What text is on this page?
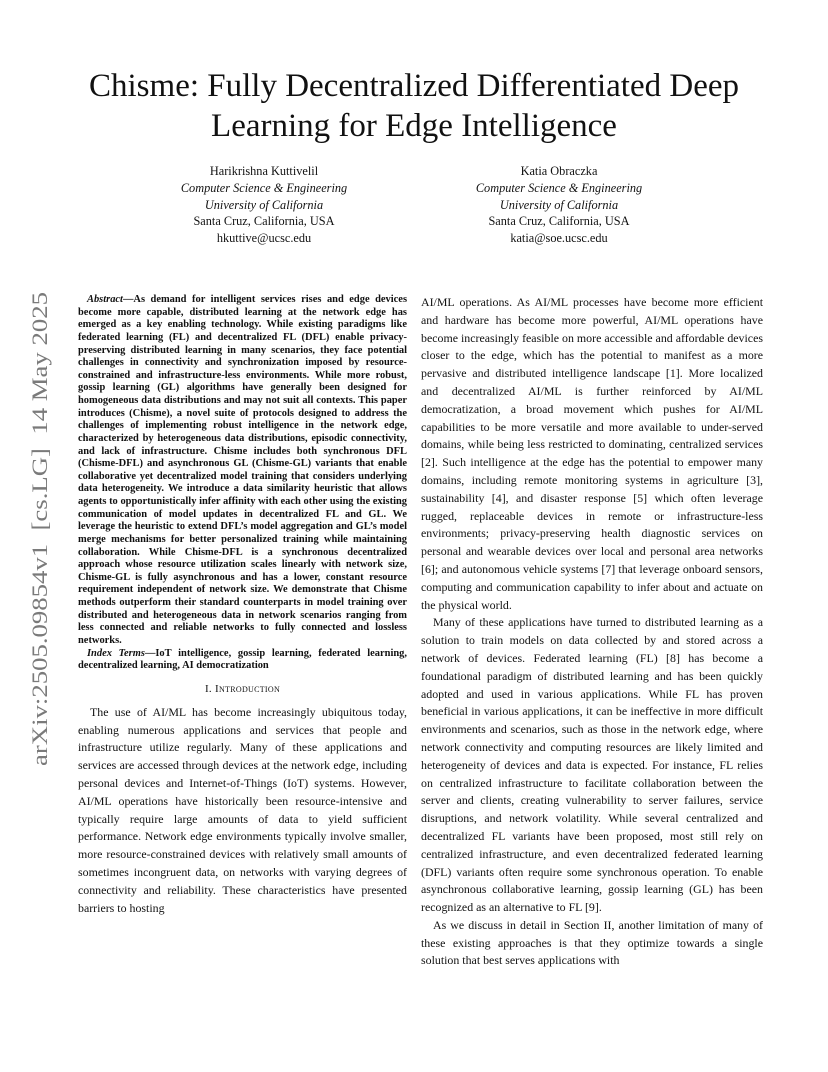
arXiv:2505.09854v1  [cs.LG]  14 May 2025
Chisme: Fully Decentralized Differentiated Deep Learning for Edge Intelligence
Harikrishna Kuttivelil
Computer Science & Engineering
University of California
Santa Cruz, California, USA
hkuttive@ucsc.edu
Katia Obraczka
Computer Science & Engineering
University of California
Santa Cruz, California, USA
katia@soe.ucsc.edu

Abstract—As demand for intelligent services rises and edge devices become more capable, distributed learning at the network edge has emerged as a key enabling technology. While existing paradigms like federated learning (FL) and decentralized FL (DFL) enable privacy-preserving distributed learning in many scenarios, they face potential challenges in connectivity and synchronization imposed by resource-constrained and infrastructure-less environments. While more robust, gossip learning (GL) algorithms have generally been designed for homogeneous data distributions and may not suit all contexts. This paper introduces (Chisme), a novel suite of protocols designed to address the challenges of implementing robust intelligence in the network edge, characterized by heterogeneous data distributions, episodic connectivity, and lack of infrastructure. Chisme includes both synchronous DFL (Chisme-DFL) and asynchronous GL (Chisme-GL) variants that enable collaborative yet decentralized model training that considers underlying data heterogeneity. We introduce a data similarity heuristic that allows agents to opportunistically infer affinity with each other using the existing communication of model updates in decentralized FL and GL. We leverage the heuristic to extend DFL’s model aggregation and GL’s model merge mechanisms for better personalized training while maintaining collaboration. While Chisme-DFL is a synchronous decentralized approach whose resource utilization scales linearly with network size, Chisme-GL is fully asynchronous and has a lower, constant resource requirement independent of network size. We demonstrate that Chisme methods outperform their standard counterparts in model training over distributed and heterogeneous data in network scenarios ranging from less connected and reliable networks to fully connected and lossless networks.

Index Terms—IoT intelligence, gossip learning, federated learning, decentralized learning, AI democratization

I. Introduction

The use of AI/ML has become increasingly ubiquitous today, enabling numerous applications and services that people and infrastructure utilize regularly. Many of these applications and services are accessed through devices at the network edge, including personal devices and Internet-of-Things (IoT) systems. However, AI/ML operations have historically been resource-intensive and typically require large amounts of data to yield sufficient performance. Network edge environments typically involve smaller, more resource-constrained devices with relatively small amounts of sometimes incongruent data, on networks with varying degrees of connectivity and reliability. These characteristics have presented barriers to hosting

AI/ML operations. As AI/ML processes have become more efficient and hardware has become more powerful, AI/ML operations have become increasingly feasible on more accessible and affordable devices closer to the edge, which has the potential to manifest as a more pervasive and distributed intelligence landscape [1]. More localized and decentralized AI/ML is further reinforced by AI/ML democratization, a broad movement which pushes for AI/ML capabilities to be more versatile and more available to under-served domains, while being less restricted to dominating, centralized services [2]. Such intelligence at the edge has the potential to empower many domains, including remote monitoring systems in agriculture [3], sustainability [4], and disaster response [5] which often leverage rugged, replaceable devices in remote or infrastructure-less environments; privacy-preserving health diagnostic services on personal and wearable devices over local and personal area networks [6]; and autonomous vehicle systems [7] that leverage onboard sensors, computing and communication capability to infer about and actuate on the physical world.

Many of these applications have turned to distributed learning as a solution to train models on data collected by and stored across a network of devices. Federated learning (FL) [8] has become a foundational paradigm of distributed learning and has been quickly adopted and used in various applications. While FL has proven beneficial in various applications, it can be ineffective in more difficult environments and scenarios, such as those in the network edge, where network connectivity and computing resources are likely limited and heterogeneity of devices and data is expected. For instance, FL relies on centralized infrastructure to facilitate collaboration between the server and clients, creating vulnerability to server failures, service disruptions, and network volatility. While several centralized and decentralized FL variants have been proposed, most still rely on centralized infrastructure, and even decentralized federated learning (DFL) variants often require some synchronous operation. To enable asynchronous collaborative learning, gossip learning (GL) has been recognized as an alternative to FL [9].

As we discuss in detail in Section II, another limitation of many of these existing approaches is that they optimize towards a single solution that best serves applications with
